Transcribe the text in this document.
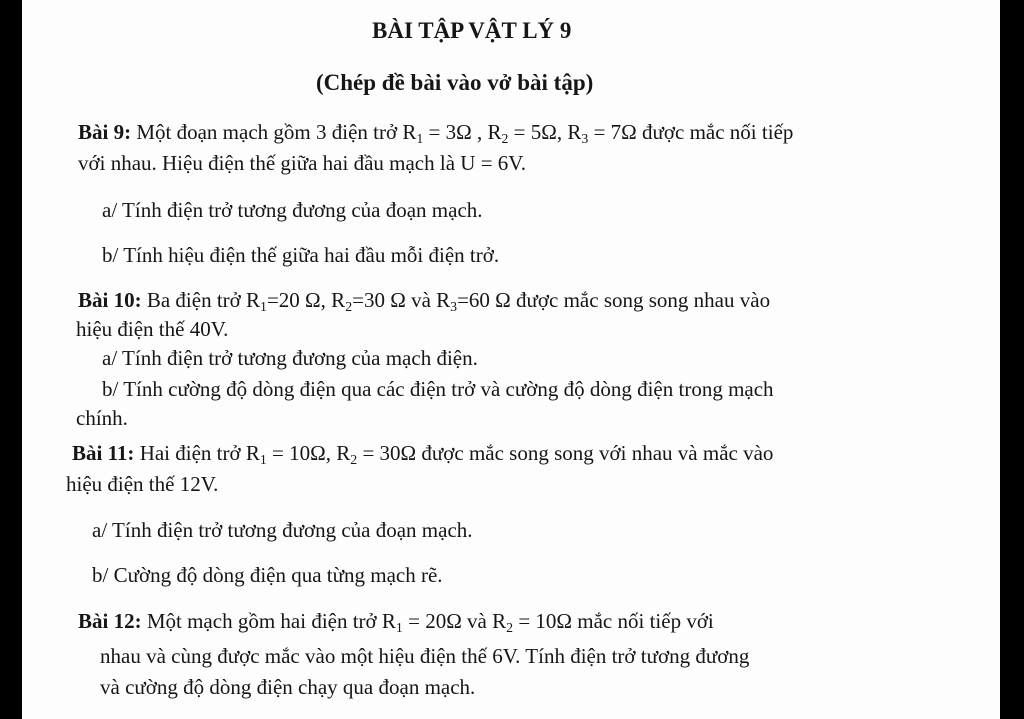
BÀI TẬP VẬT LÝ 9
(Chép đề bài vào vở bài tập)
Bài 9: Một đoạn mạch gồm 3 điện trở $R_1 = 3\Omega$ , $R_2 = 5\Omega$, $R_3 = 7\Omega$ được mắc nối tiếp
với nhau. Hiệu điện thế giữa hai đầu mạch là U = 6V.
a/ Tính điện trở tương đương của đoạn mạch.
b/ Tính hiệu điện thế giữa hai đầu mỗi điện trở.
Bài 10: Ba điện trở $R_1=20$ Ω, $R_2=30$ Ω và $R_3=60$ Ω được mắc song song nhau vào
hiệu điện thế 40V.
a/ Tính điện trở tương đương của mạch điện.
b/ Tính cường độ dòng điện qua các điện trở và cường độ dòng điện trong mạch
chính.
Bài 11: Hai điện trở $R_1 = 10\Omega$, $R_2 = 30\Omega$ được mắc song song với nhau và mắc vào
hiệu điện thế 12V.
a/ Tính điện trở tương đương của đoạn mạch.
b/ Cường độ dòng điện qua từng mạch rẽ.
Bài 12: Một mạch gồm hai điện trở $R_1 = 20\Omega$ và $R_2 = 10\Omega$ mắc nối tiếp với
nhau và cùng được mắc vào một hiệu điện thế 6V. Tính điện trở tương đương
và cường độ dòng điện chạy qua đoạn mạch.
